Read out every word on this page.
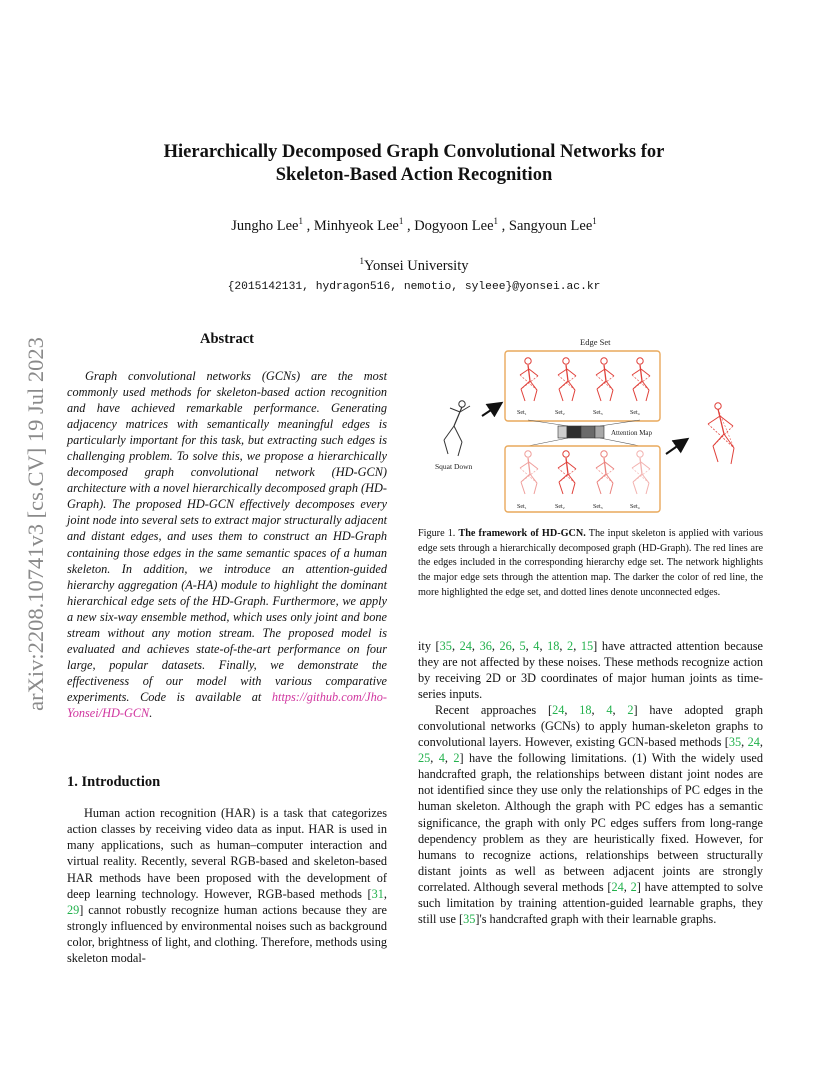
Hierarchically Decomposed Graph Convolutional Networks for
Skeleton-Based Action Recognition
Jungho Lee$^1$ , Minhyeok Lee$^1$ , Dogyoon Lee$^1$ , Sangyoun Lee$^1$
$^1$Yonsei University
{2015142131, hydragon516, nemotio, syleee}@yonsei.ac.kr
arXiv:2208.10741v3 [cs.CV] 19 Jul 2023	Abstract

Graph convolutional networks (GCNs) are the most commonly used methods for skeleton-based action recognition and have achieved remarkable performance. Generating adjacency matrices with semantically meaningful edges is particularly important for this task, but extracting such edges is challenging problem. To solve this, we propose a hierarchically decomposed graph convolutional network (HD-GCN) architecture with a novel hierarchically decomposed graph (HD-Graph). The proposed HD-GCN effectively decomposes every joint node into several sets to extract major structurally adjacent and distant edges, and uses them to construct an HD-Graph containing those edges in the same semantic spaces of a human skeleton. In addition, we introduce an attention-guided hierarchy aggregation (A-HA) module to highlight the dominant hierarchical edge sets of the HD-Graph. Furthermore, we apply a new six-way ensemble method, which uses only joint and bone stream without any motion stream. The proposed model is evaluated and achieves state-of-the-art performance on four large, popular datasets. Finally, we demonstrate the effectiveness of our model with various comparative experiments. Code is available at https://github.com/Jho-Yonsei/HD-GCN.

1. Introduction

Human action recognition (HAR) is a task that categorizes action classes by receiving video data as input. HAR is used in many applications, such as human–computer interaction and virtual reality. Recently, several RGB-based and skeleton-based HAR methods have been proposed with the development of deep learning technology. However, RGB-based methods [31, 29] cannot robustly recognize human actions because they are strongly influenced by environmental noises such as background color, brightness of light, and clothing. Therefore, methods using skeleton modal-

Edge Set
Set₁	Set₂	Set₃	Set₄
Squat Down
Attention Map
Set₁	Set₂	Set₃	Set₄
Figure 1. The framework of HD-GCN. The input skeleton is applied with various edge sets through a hierarchically decomposed graph (HD-Graph). The red lines are the edges included in the corresponding hierarchy edge set. The network highlights the major edge sets through the attention map. The darker the color of red line, the more highlighted the edge set, and dotted lines denote unconnected edges.

ity [35, 24, 36, 26, 5, 4, 18, 2, 15] have attracted attention because they are not affected by these noises. These methods recognize action by receiving 2D or 3D coordinates of major human joints as time-series inputs.

Recent approaches [24, 18, 4, 2] have adopted graph convolutional networks (GCNs) to apply human-skeleton graphs to convolutional layers. However, existing GCN-based methods [35, 24, 25, 4, 2] have the following limitations. (1) With the widely used handcrafted graph, the relationships between distant joint nodes are not identified since they use only the relationships of PC edges in the human skeleton. Although the graph with PC edges has a semantic significance, the graph with only PC edges suffers from long-range dependency problem as they are heuristically fixed. However, for humans to recognize actions, relationships between structurally distant joints as well as between adjacent joints are strongly correlated. Although several methods [24, 2] have attempted to solve such limitation by training attention-guided learnable graphs, they still use [35]'s handcrafted graph with their learnable graphs.
